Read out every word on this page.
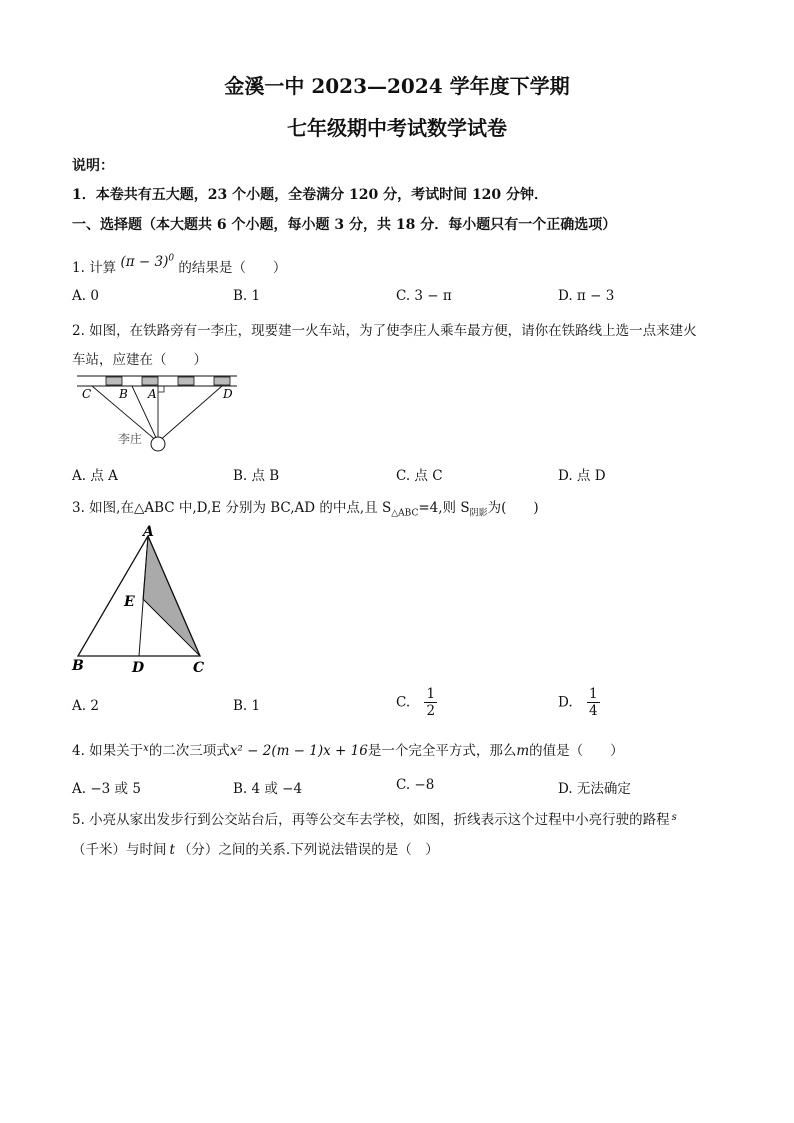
金溪一中 2023—2024 学年度下学期
七年级期中考试数学试卷
说明：
1．本卷共有五大题，23 个小题，全卷满分 120 分，考试时间 120 分钟．
一、选择题（本大题共 6 个小题，每小题 3 分，共 18 分．每小题只有一个正确选项）
1. 计算 $(\pi - 3)^0$ 的结果是（　　）
A. 0	B. 1	C. 3 − π	D. π − 3
2. 如图，在铁路旁有一李庄，现要建一火车站，为了使李庄人乘车最方便，请你在铁路线上选一点来建火
车站，应建在（　　）
C B A	D
李庄
A. 点 A	B. 点 B	C. 点 C	D. 点 D
3. 如图,在△ABC 中,D,E 分别为 BC,AD 的中点,且 $S_{\triangle ABC}=4$,则 $S_{阴影}$为(　　)
A
B	C
D
E
A. 2	B. 1	C. $\frac{1}{2}$	D. $\frac{1}{4}$
4. 如果关于$^x$的二次三项式x² − 2(m − 1)x + 16是一个完全平方式，那么m的值是（　　）
A. −3 或 5	B. 4 或 −4	C. −8	D. 无法确定
5. 小亮从家出发步行到公交站台后，再等公交车去学校，如图，折线表示这个过程中小亮行驶的路程 $^s$
（千米）与时间 t （分）之间的关系.下列说法错误的是（　）
